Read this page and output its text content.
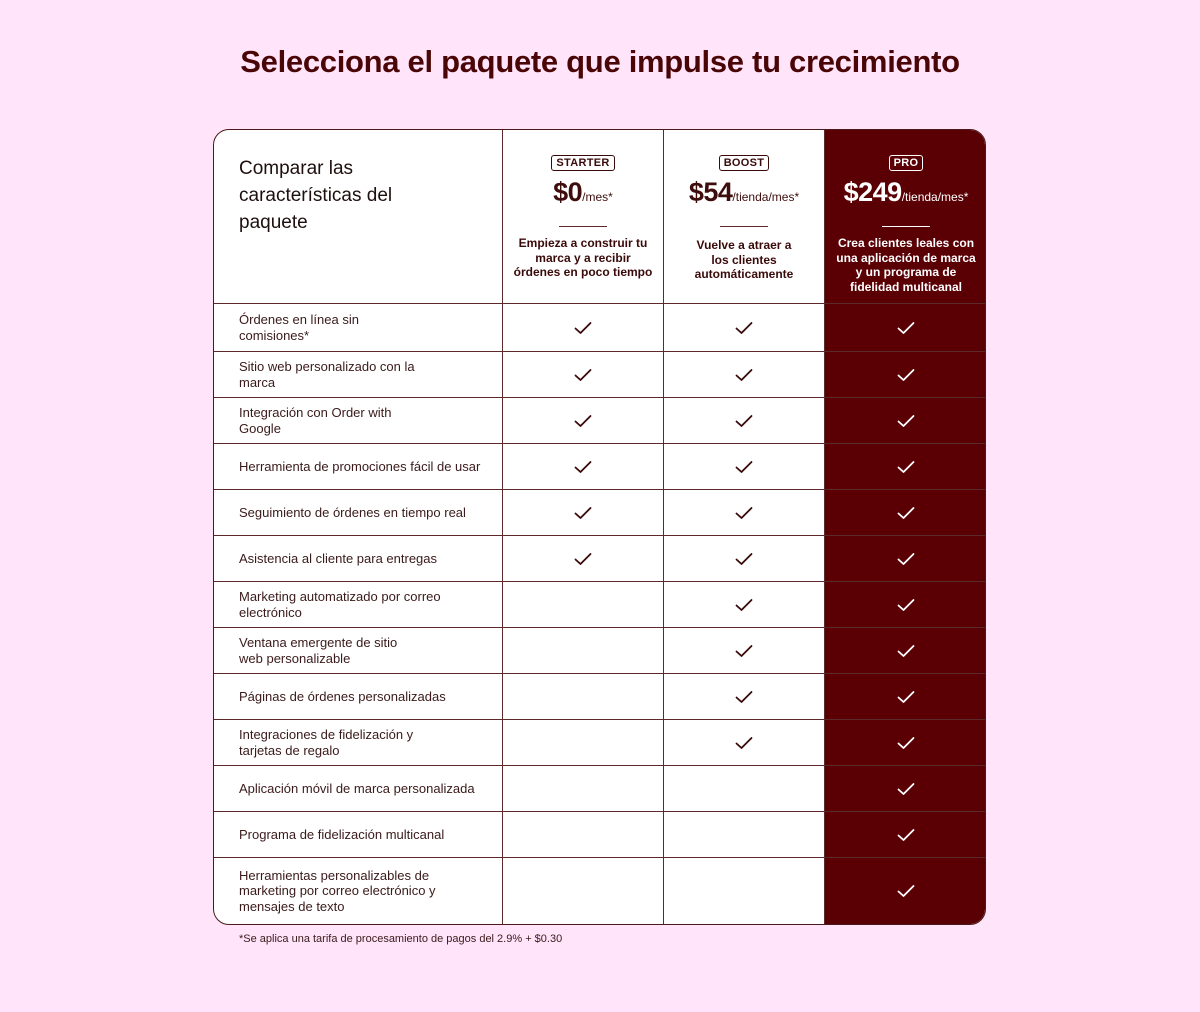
Selecciona el paquete que impulse tu crecimiento
Comparar las características del paquete
STARTER
$0/mes*
Empieza a construir tu marca y a recibir órdenes en poco tiempo
BOOST
$54/tienda/mes*
Vuelve a atraer a los clientes automáticamente
PRO
$249/tienda/mes*
Crea clientes leales con una aplicación de marca y un programa de fidelidad multicanal
Órdenes en línea sin comisiones*
Sitio web personalizado con la marca
Integración con Order with Google
Herramienta de promociones fácil de usar
Seguimiento de órdenes en tiempo real
Asistencia al cliente para entregas
Marketing automatizado por correo electrónico
Ventana emergente de sitio web personalizable
Páginas de órdenes personalizadas
Integraciones de fidelización y tarjetas de regalo
Aplicación móvil de marca personalizada
Programa de fidelización multicanal
Herramientas personalizables de marketing por correo electrónico y mensajes de texto
*Se aplica una tarifa de procesamiento de pagos del 2.9% + $0.30
